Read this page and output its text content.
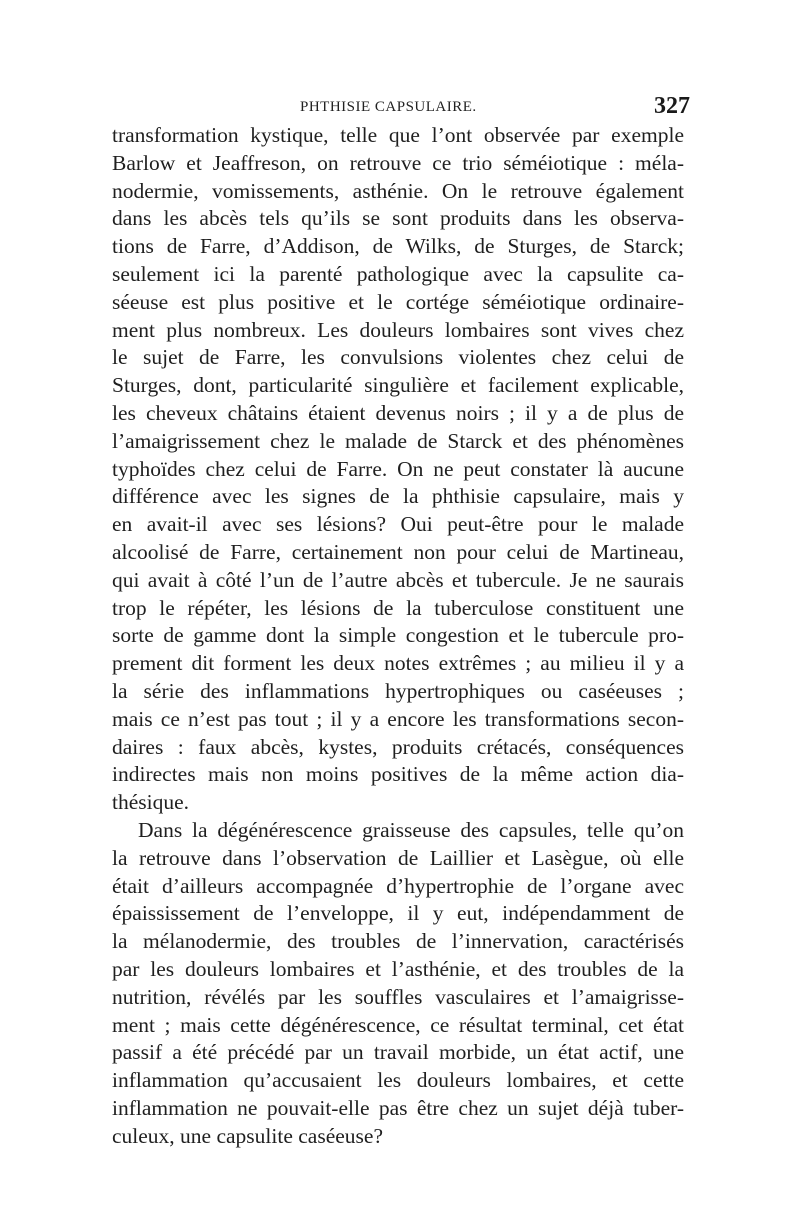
PHTHISIE CAPSULAIRE.	327
transformation kystique, telle que l’ont observée par exemple
Barlow et Jeaffreson, on retrouve ce trio séméiotique : méla-
nodermie, vomissements, asthénie. On le retrouve également
dans les abcès tels qu’ils se sont produits dans les observa-
tions de Farre, d’Addison, de Wilks, de Sturges, de Starck;
seulement ici la parenté pathologique avec la capsulite ca-
séeuse est plus positive et le cortége séméiotique ordinaire-
ment plus nombreux. Les douleurs lombaires sont vives chez
le sujet de Farre, les convulsions violentes chez celui de
Sturges, dont, particularité singulière et facilement explicable,
les cheveux châtains étaient devenus noirs ; il y a de plus de
l’amaigrissement chez le malade de Starck et des phénomènes
typhoïdes chez celui de Farre. On ne peut constater là aucune
différence avec les signes de la phthisie capsulaire, mais y
en avait-il avec ses lésions? Oui peut-être pour le malade
alcoolisé de Farre, certainement non pour celui de Martineau,
qui avait à côté l’un de l’autre abcès et tubercule. Je ne saurais
trop le répéter, les lésions de la tuberculose constituent une
sorte de gamme dont la simple congestion et le tubercule pro-
prement dit forment les deux notes extrêmes ; au milieu il y a
la série des inflammations hypertrophiques ou caséeuses ;
mais ce n’est pas tout ; il y a encore les transformations secon-
daires : faux abcès, kystes, produits crétacés, conséquences
indirectes mais non moins positives de la même action dia-
thésique.
Dans la dégénérescence graisseuse des capsules, telle qu’on
la retrouve dans l’observation de Laillier et Lasègue, où elle
était d’ailleurs accompagnée d’hypertrophie de l’organe avec
épaississement de l’enveloppe, il y eut, indépendamment de
la mélanodermie, des troubles de l’innervation, caractérisés
par les douleurs lombaires et l’asthénie, et des troubles de la
nutrition, révélés par les souffles vasculaires et l’amaigrisse-
ment ; mais cette dégénérescence, ce résultat terminal, cet état
passif a été précédé par un travail morbide, un état actif, une
inflammation qu’accusaient les douleurs lombaires, et cette
inflammation ne pouvait-elle pas être chez un sujet déjà tuber-
culeux, une capsulite caséeuse?
